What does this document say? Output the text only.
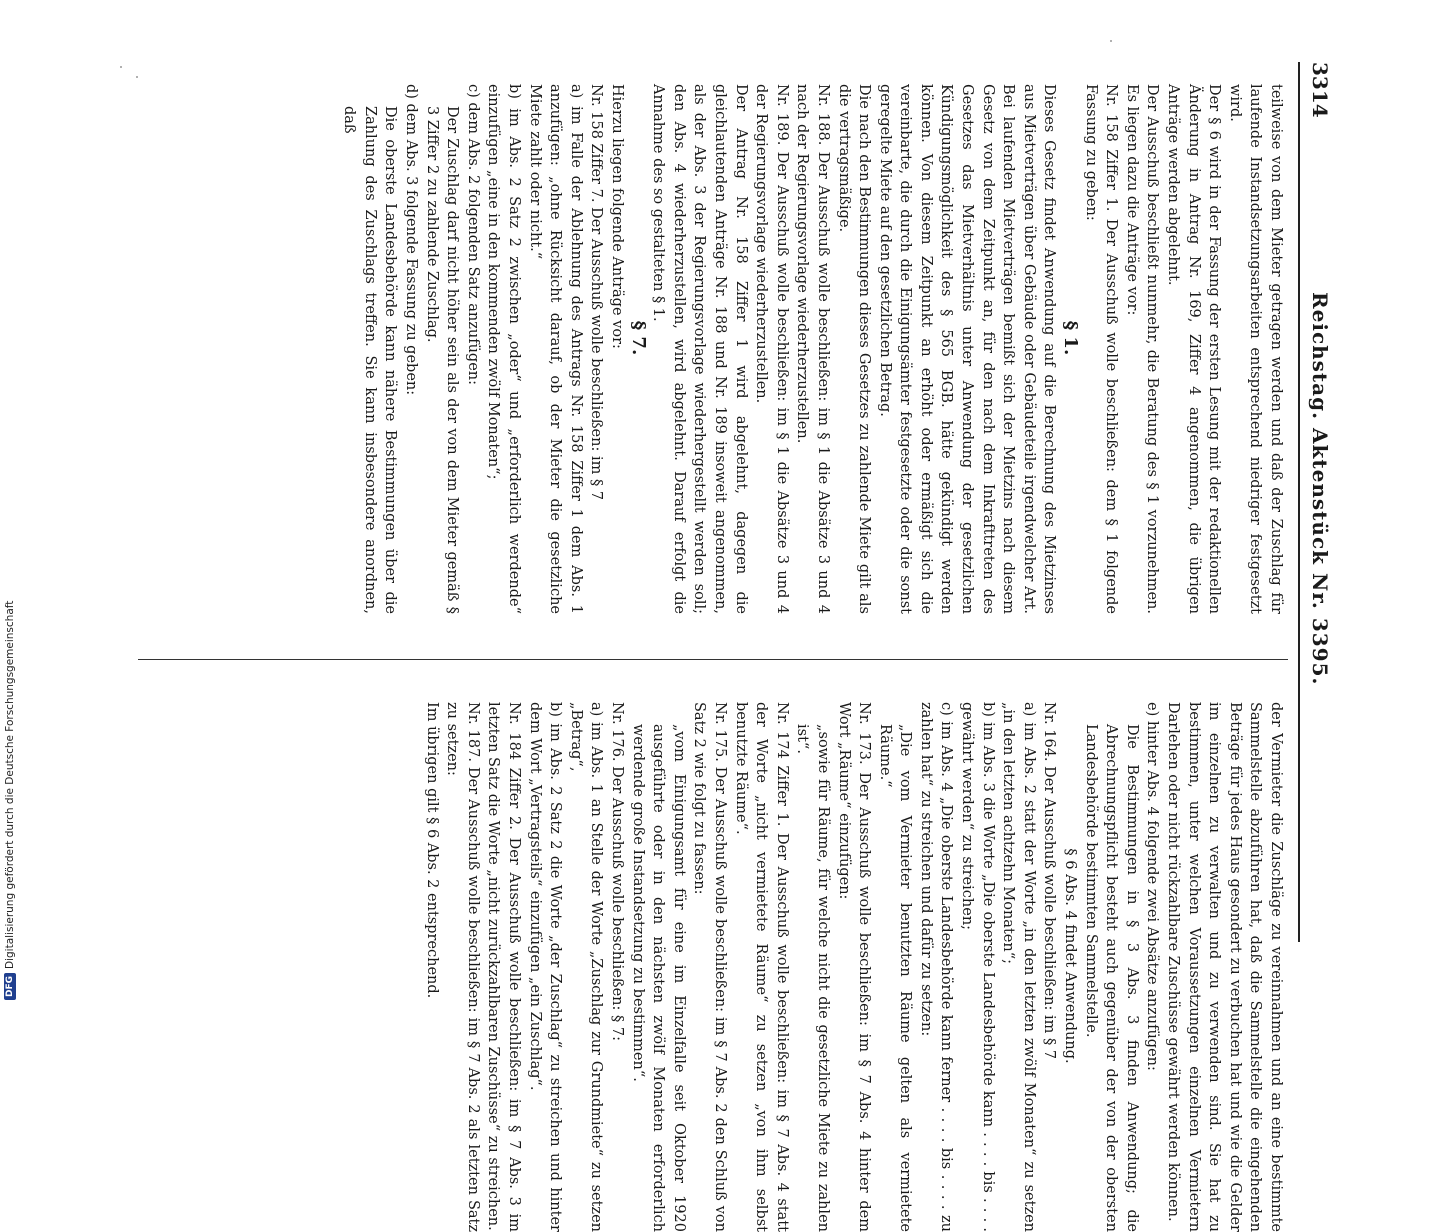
3314
Reichstag. Aktenstück Nr. 3395.

teilweise von dem Mieter getragen werden und daß der Zuschlag für laufende Instandsetzungsarbeiten entsprechend niedriger festgesetzt wird.

Der § 6 wird in der Fassung der ersten Lesung mit der redaktionellen Änderung in Antrag Nr. 169, Ziffer 4 angenommen, die übrigen Anträge werden abgelehnt.

Der Ausschuß beschließt nunmehr, die Beratung des § 1 vorzunehmen. Es liegen dazu die Anträge vor:

Nr. 158 Ziffer 1. Der Ausschuß wolle beschließen: dem § 1 folgende Fassung zu geben:

§ 1.

Dieses Gesetz findet Anwendung auf die Berechnung des Mietzinses aus Mietverträgen über Gebäude oder Gebäudeteile irgendwelcher Art. Bei laufenden Mietverträgen bemißt sich der Mietzins nach diesem Gesetz von dem Zeitpunkt an, für den nach dem Inkrafttreten des Gesetzes das Mietverhältnis unter Anwendung der gesetzlichen Kündigungsmöglichkeit des § 565 BGB. hätte gekündigt werden können. Von diesem Zeitpunkt an erhöht oder ermäßigt sich die vereinbarte, die durch die Einigungsämter festgesetzte oder die sonst geregelte Miete auf den gesetzlichen Betrag.

Die nach den Bestimmungen dieses Gesetzes zu zahlende Miete gilt als die vertragsmäßige.

Nr. 188. Der Ausschuß wolle beschließen: im § 1 die Absätze 3 und 4 nach der Regierungsvorlage wiederherzustellen.

Nr. 189. Der Ausschuß wolle beschließen: im § 1 die Absätze 3 und 4 der Regierungsvorlage wiederherzustellen.

Der Antrag Nr. 158 Ziffer 1 wird abgelehnt, dagegen die gleichlautenden Anträge Nr. 188 und Nr. 189 insoweit angenommen, als der Abs. 3 der Regierungsvorlage wiederhergestellt werden soll; den Abs. 4 wiederherzustellen, wird abgelehnt. Darauf erfolgt die Annahme des so gestalteten § 1.

§ 7.

Hierzu liegen folgende Anträge vor:

Nr. 158 Ziffer 7. Der Ausschuß wolle beschließen: im § 7

a) im Falle der Ablehnung des Antrags Nr. 158 Ziffer 1 dem Abs. 1 anzufügen: „ohne Rücksicht darauf, ob der Mieter die gesetzliche Miete zahlt oder nicht.“

b) im Abs. 2 Satz 2 zwischen „oder“ und „erforderlich werdende“ einzufügen „eine in den kommenden zwölf Monaten“;

c) dem Abs. 2 folgenden Satz anzufügen:

Der Zuschlag darf nicht höher sein als der von dem Mieter gemäß § 3 Ziffer 2 zu zahlende Zuschlag.

d) dem Abs. 3 folgende Fassung zu geben:

Die oberste Landesbehörde kann nähere Bestimmungen über die Zahlung des Zuschlags treffen. Sie kann insbesondere anordnen, daß

der Vermieter die Zuschläge zu vereinnahmen und an eine bestimmte Sammelstelle abzuführen hat, daß die Sammelstelle die eingehenden Beträge für jedes Haus gesondert zu verbuchen hat und wie die Gelder im einzelnen zu verwalten und zu verwenden sind. Sie hat zu bestimmen, unter welchen Voraussetzungen einzelnen Vermietern Darlehen oder nicht rückzahlbare Zuschüsse gewährt werden können.

e) hinter Abs. 4 folgende zwei Absätze anzufügen:

Die Bestimmungen in § 3 Abs. 3 finden Anwendung; die Abrechnungspflicht besteht auch gegenüber der von der obersten Landesbehörde bestimmten Sammelstelle.

§ 6 Abs. 4 findet Anwendung.

Nr. 164. Der Ausschuß wolle beschließen: im § 7

a) im Abs. 2 statt der Worte „in den letzten zwölf Monaten“ zu setzen „in den letzten achtzehn Monaten“;

b) im Abs. 3 die Worte „Die oberste Landesbehörde kann . . . . bis . . . . gewährt werden“ zu streichen;

c) im Abs. 4 „Die oberste Landesbehörde kann ferner . . . . bis . . . . zu zahlen hat“ zu streichen und dafür zu setzen:

„Die vom Vermieter benutzten Räume gelten als vermietete Räume.“

Nr. 173. Der Ausschuß wolle beschließen: im § 7 Abs. 4 hinter dem Wort „Räume“ einzufügen:

„sowie für Räume, für welche nicht die gesetzliche Miete zu zahlen ist“.

Nr. 174 Ziffer 1. Der Ausschuß wolle beschließen: im § 7 Abs. 4 statt der Worte „nicht vermietete Räume“ zu setzen „von ihm selbst benutzte Räume“.

Nr. 175. Der Ausschuß wolle beschließen: im § 7 Abs. 2 den Schluß von Satz 2 wie folgt zu fassen:

„vom Einigungsamt für eine im Einzelfalle seit Oktober 1920 ausgeführte oder in den nächsten zwölf Monaten erforderlich werdende große Instandsetzung zu bestimmen“.

Nr. 176. Der Ausschuß wolle beschließen: § 7:

a) im Abs. 1 an Stelle der Worte „Zuschlag zur Grundmiete“ zu setzen „Betrag“,

b) im Abs. 2 Satz 2 die Worte „der Zuschlag“ zu streichen und hinter dem Wort „Vertragsteils“ einzufügen „ein Zuschlag“.

Nr. 184 Ziffer 2. Der Ausschuß wolle beschließen: im § 7 Abs. 3 im letzten Satz die Worte „nicht zurückzahlbaren Zuschüsse“ zu streichen.

Nr. 187. Der Ausschuß wolle beschließen: im § 7 Abs. 2 als letzten Satz zu setzen:

Im übrigen gilt § 6 Abs. 2 entsprechend.

DFG
Digitalisierung gefördert durch die Deutsche Forschungsgemeinschaft
